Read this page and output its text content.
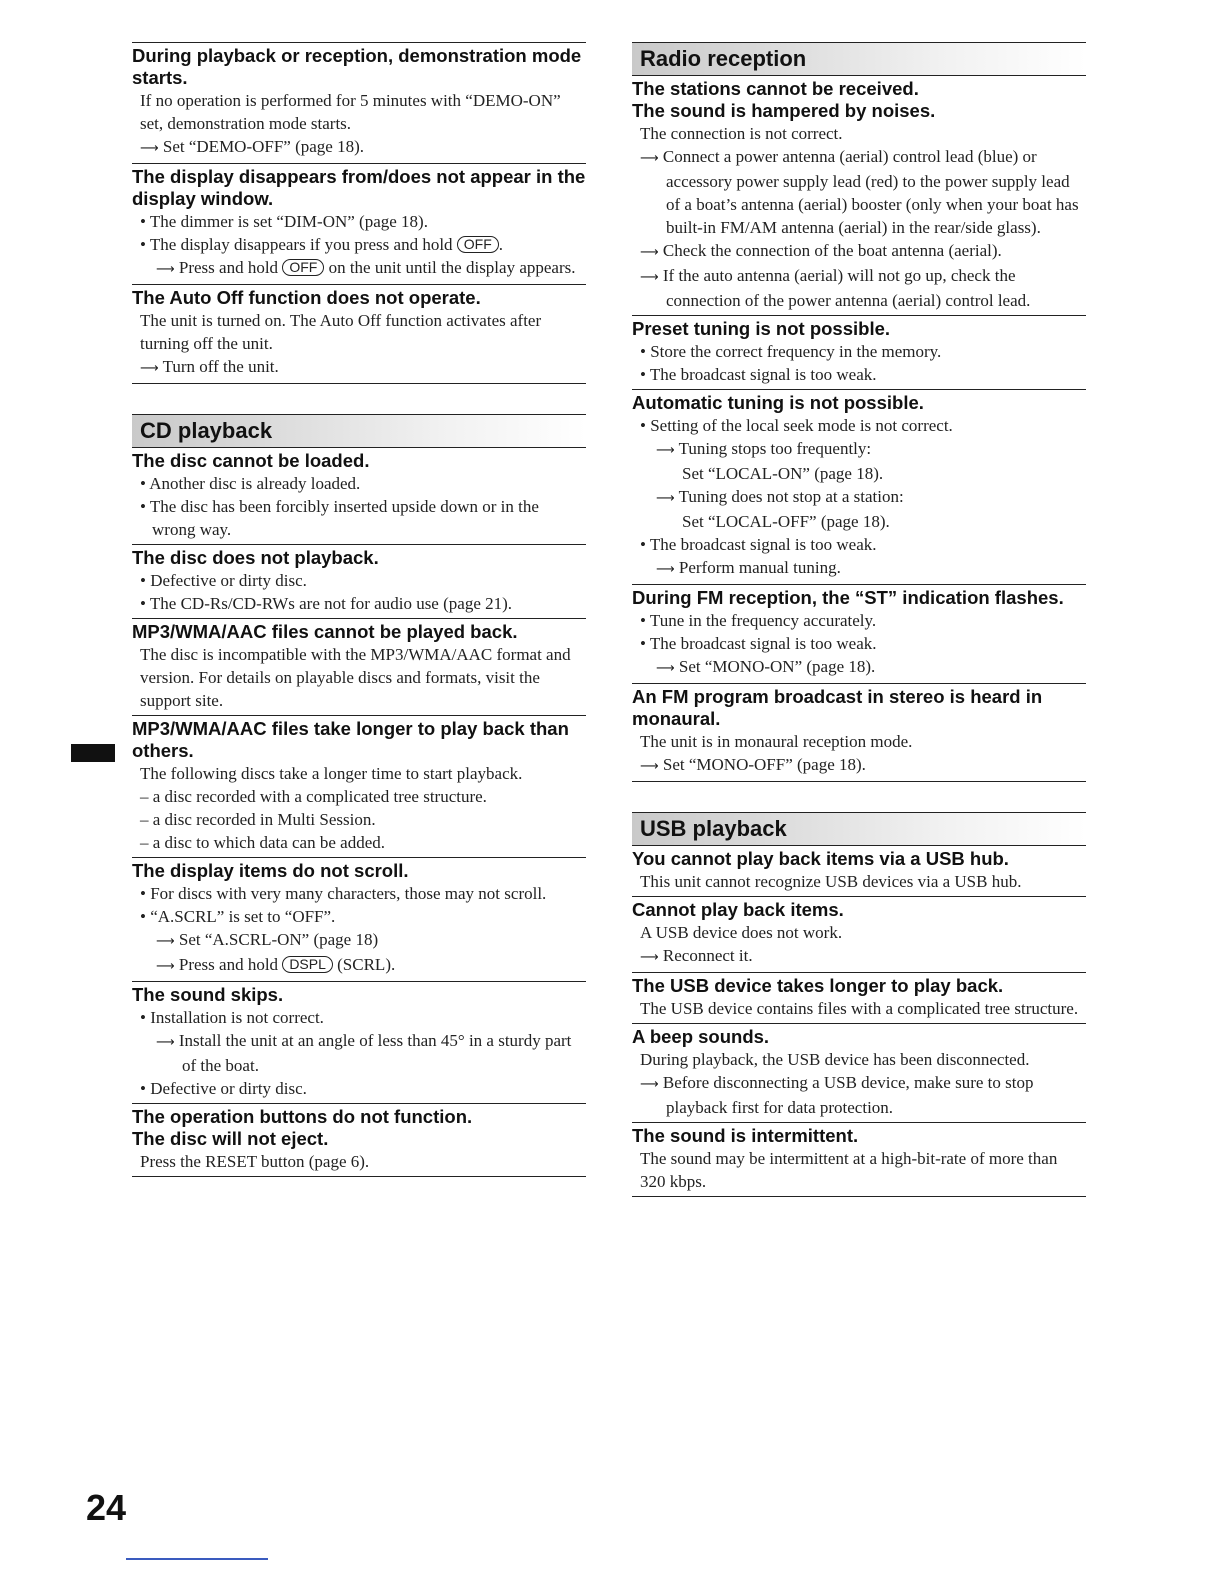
During playback or reception, demonstration mode starts.
If no operation is performed for 5 minutes with “DEMO-ON” set, demonstration mode starts.
⟶ Set “DEMO-OFF” (page 18).
The display disappears from/does not appear in the display window.
• The dimmer is set “DIM-ON” (page 18).
• The display disappears if you press and hold OFF .
⟶ Press and hold OFF on the unit until the display appears.
The Auto Off function does not operate.
The unit is turned on. The Auto Off function activates after turning off the unit.
⟶ Turn off the unit.
CD playback
The disc cannot be loaded.
• Another disc is already loaded.
• The disc has been forcibly inserted upside down or in the wrong way.
The disc does not playback.
• Defective or dirty disc.
• The CD-Rs/CD-RWs are not for audio use (page 21).
MP3/WMA/AAC files cannot be played back.
The disc is incompatible with the MP3/WMA/AAC format and version. For details on playable discs and formats, visit the support site.
MP3/WMA/AAC files take longer to play back than others.
The following discs take a longer time to start playback.
– a disc recorded with a complicated tree structure.
– a disc recorded in Multi Session.
– a disc to which data can be added.
The display items do not scroll.
• For discs with very many characters, those may not scroll.
• “A.SCRL” is set to “OFF”.
⟶ Set “A.SCRL-ON” (page 18)
⟶ Press and hold DSPL (SCRL).
The sound skips.
• Installation is not correct.
⟶ Install the unit at an angle of less than 45° in a sturdy part of the boat.
• Defective or dirty disc.
The operation buttons do not function.
The disc will not eject.
Press the RESET button (page 6).
Radio reception
The stations cannot be received.
The sound is hampered by noises.
The connection is not correct.
⟶ Connect a power antenna (aerial) control lead (blue) or accessory power supply lead (red) to the power supply lead of a boat’s antenna (aerial) booster (only when your boat has built-in FM/AM antenna (aerial) in the rear/side glass).
⟶ Check the connection of the boat antenna (aerial).
⟶ If the auto antenna (aerial) will not go up, check the connection of the power antenna (aerial) control lead.
Preset tuning is not possible.
• Store the correct frequency in the memory.
• The broadcast signal is too weak.
Automatic tuning is not possible.
• Setting of the local seek mode is not correct.
⟶ Tuning stops too frequently:
Set “LOCAL-ON” (page 18).
⟶ Tuning does not stop at a station:
Set “LOCAL-OFF” (page 18).
• The broadcast signal is too weak.
⟶ Perform manual tuning.
During FM reception, the “ST” indication flashes.
• Tune in the frequency accurately.
• The broadcast signal is too weak.
⟶ Set “MONO-ON” (page 18).
An FM program broadcast in stereo is heard in monaural.
The unit is in monaural reception mode.
⟶ Set “MONO-OFF” (page 18).
USB playback
You cannot play back items via a USB hub.
This unit cannot recognize USB devices via a USB hub.
Cannot play back items.
A USB device does not work.
⟶ Reconnect it.
The USB device takes longer to play back.
The USB device contains files with a complicated tree structure.
A beep sounds.
During playback, the USB device has been disconnected.
⟶ Before disconnecting a USB device, make sure to stop playback first for data protection.
The sound is intermittent.
The sound may be intermittent at a high-bit-rate of more than 320 kbps.
24
